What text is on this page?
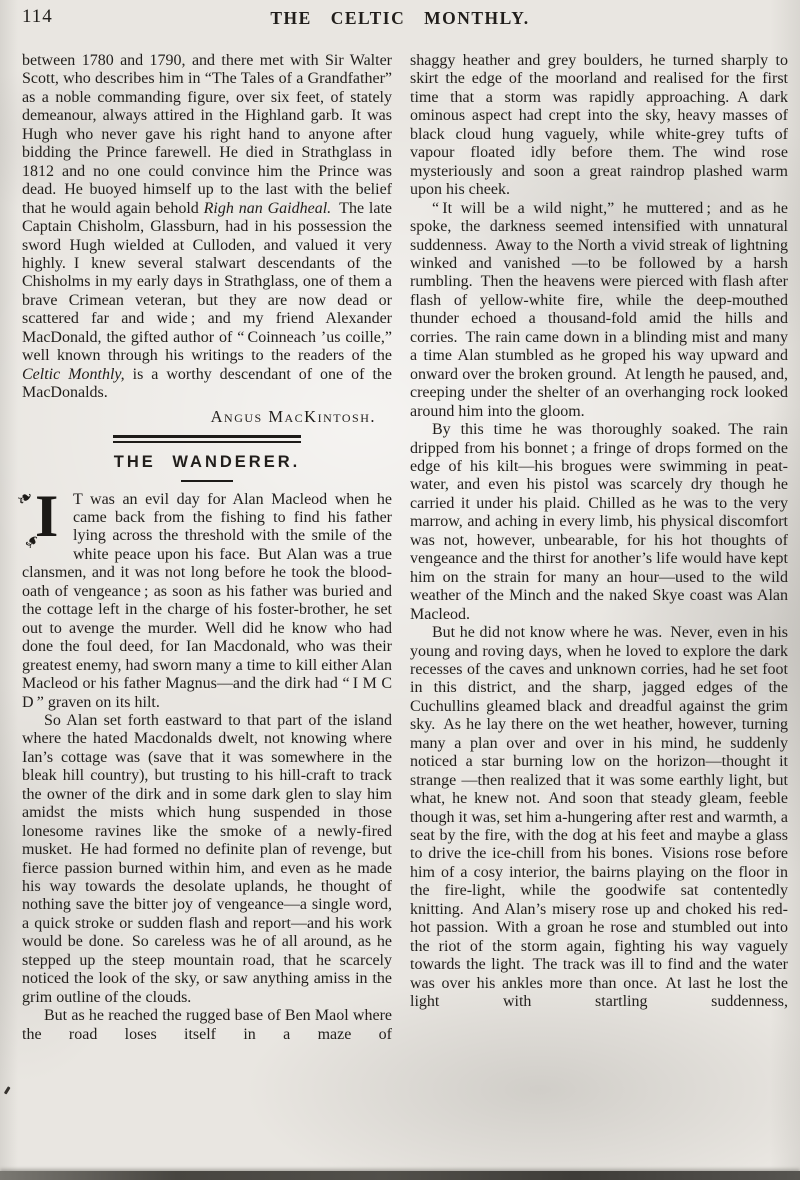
114	THE CELTIC MONTHLY.

between 1780 and 1790, and there met with Sir Walter Scott, who describes him in “The Tales of a Grandfather” as a noble commanding figure, over six feet, of stately demeanour, always attired in the Highland garb. It was Hugh who never gave his right hand to anyone after bidding the Prince farewell. He died in Strathglass in 1812 and no one could convince him the Prince was dead. He buoyed himself up to the last with the belief that he would again behold Righ nan Gaidheal. The late Captain Chisholm, Glassburn, had in his possession the sword Hugh wielded at Culloden, and valued it very highly. I knew several stalwart descendants of the Chisholms in my early days in Strathglass, one of them a brave Crimean veteran, but they are now dead or scattered far and wide ; and my friend Alexander MacDonald, the gifted author of “ Coinneach ’us coille,” well known through his writings to the readers of the Celtic Monthly, is a worthy descendant of one of the MacDonalds.

Angus MacKintosh.
THE WANDERER.

❧
I
❧
T was an evil day for Alan Macleod when he came back from the fishing to find his father lying across the threshold with the smile of the white peace upon his face. But Alan was a true clansmen, and it was not long before he took the blood-oath of vengeance ; as soon as his father was buried and the cottage left in the charge of his foster-brother, he set out to avenge the murder. Well did he know who had done the foul deed, for Ian Macdonald, who was their greatest enemy, had sworn many a time to kill either Alan Macleod or his father Magnus—and the dirk had “ I M C D ” graven on its hilt.

So Alan set forth eastward to that part of the island where the hated Macdonalds dwelt, not knowing where Ian’s cottage was (save that it was somewhere in the bleak hill country), but trusting to his hill-craft to track the owner of the dirk and in some dark glen to slay him amidst the mists which hung suspended in those lonesome ravines like the smoke of a newly-fired musket. He had formed no definite plan of revenge, but fierce passion burned within him, and even as he made his way towards the desolate uplands, he thought of nothing save the bitter joy of vengeance—a single word, a quick stroke or sudden flash and report—and his work would be done. So careless was he of all around, as he stepped up the steep mountain road, that he scarcely noticed the look of the sky, or saw anything amiss in the grim outline of the clouds.

But as he reached the rugged base of Ben Maol where the road loses itself in a maze of

shaggy heather and grey boulders, he turned sharply to skirt the edge of the moorland and realised for the first time that a storm was rapidly approaching. A dark ominous aspect had crept into the sky, heavy masses of black cloud hung vaguely, while white-grey tufts of vapour floated idly before them. The wind rose mysteriously and soon a great raindrop plashed warm upon his cheek.

“ It will be a wild night,” he muttered ; and as he spoke, the darkness seemed intensified with unnatural suddenness. Away to the North a vivid streak of lightning winked and vanished —to be followed by a harsh rumbling. Then the heavens were pierced with flash after flash of yellow-white fire, while the deep-mouthed thunder echoed a thousand-fold amid the hills and corries. The rain came down in a blinding mist and many a time Alan stumbled as he groped his way upward and onward over the broken ground. At length he paused, and, creeping under the shelter of an overhanging rock looked around him into the gloom.

By this time he was thoroughly soaked. The rain dripped from his bonnet ; a fringe of drops formed on the edge of his kilt—his brogues were swimming in peat-water, and even his pistol was scarcely dry though he carried it under his plaid. Chilled as he was to the very marrow, and aching in every limb, his physical discomfort was not, however, unbearable, for his hot thoughts of vengeance and the thirst for another’s life would have kept him on the strain for many an hour—used to the wild weather of the Minch and the naked Skye coast was Alan Macleod.

But he did not know where he was. Never, even in his young and roving days, when he loved to explore the dark recesses of the caves and unknown corries, had he set foot in this district, and the sharp, jagged edges of the Cuchullins gleamed black and dreadful against the grim sky. As he lay there on the wet heather, however, turning many a plan over and over in his mind, he suddenly noticed a star burning low on the horizon—thought it strange —then realized that it was some earthly light, but what, he knew not. And soon that steady gleam, feeble though it was, set him a-hungering after rest and warmth, a seat by the fire, with the dog at his feet and maybe a glass to drive the ice-chill from his bones. Visions rose before him of a cosy interior, the bairns playing on the floor in the fire-light, while the goodwife sat contentedly knitting. And Alan’s misery rose up and choked his red-hot passion. With a groan he rose and stumbled out into the riot of the storm again, fighting his way vaguely towards the light. The track was ill to find and the water was over his ankles more than once. At last he lost the light with startling suddenness,
